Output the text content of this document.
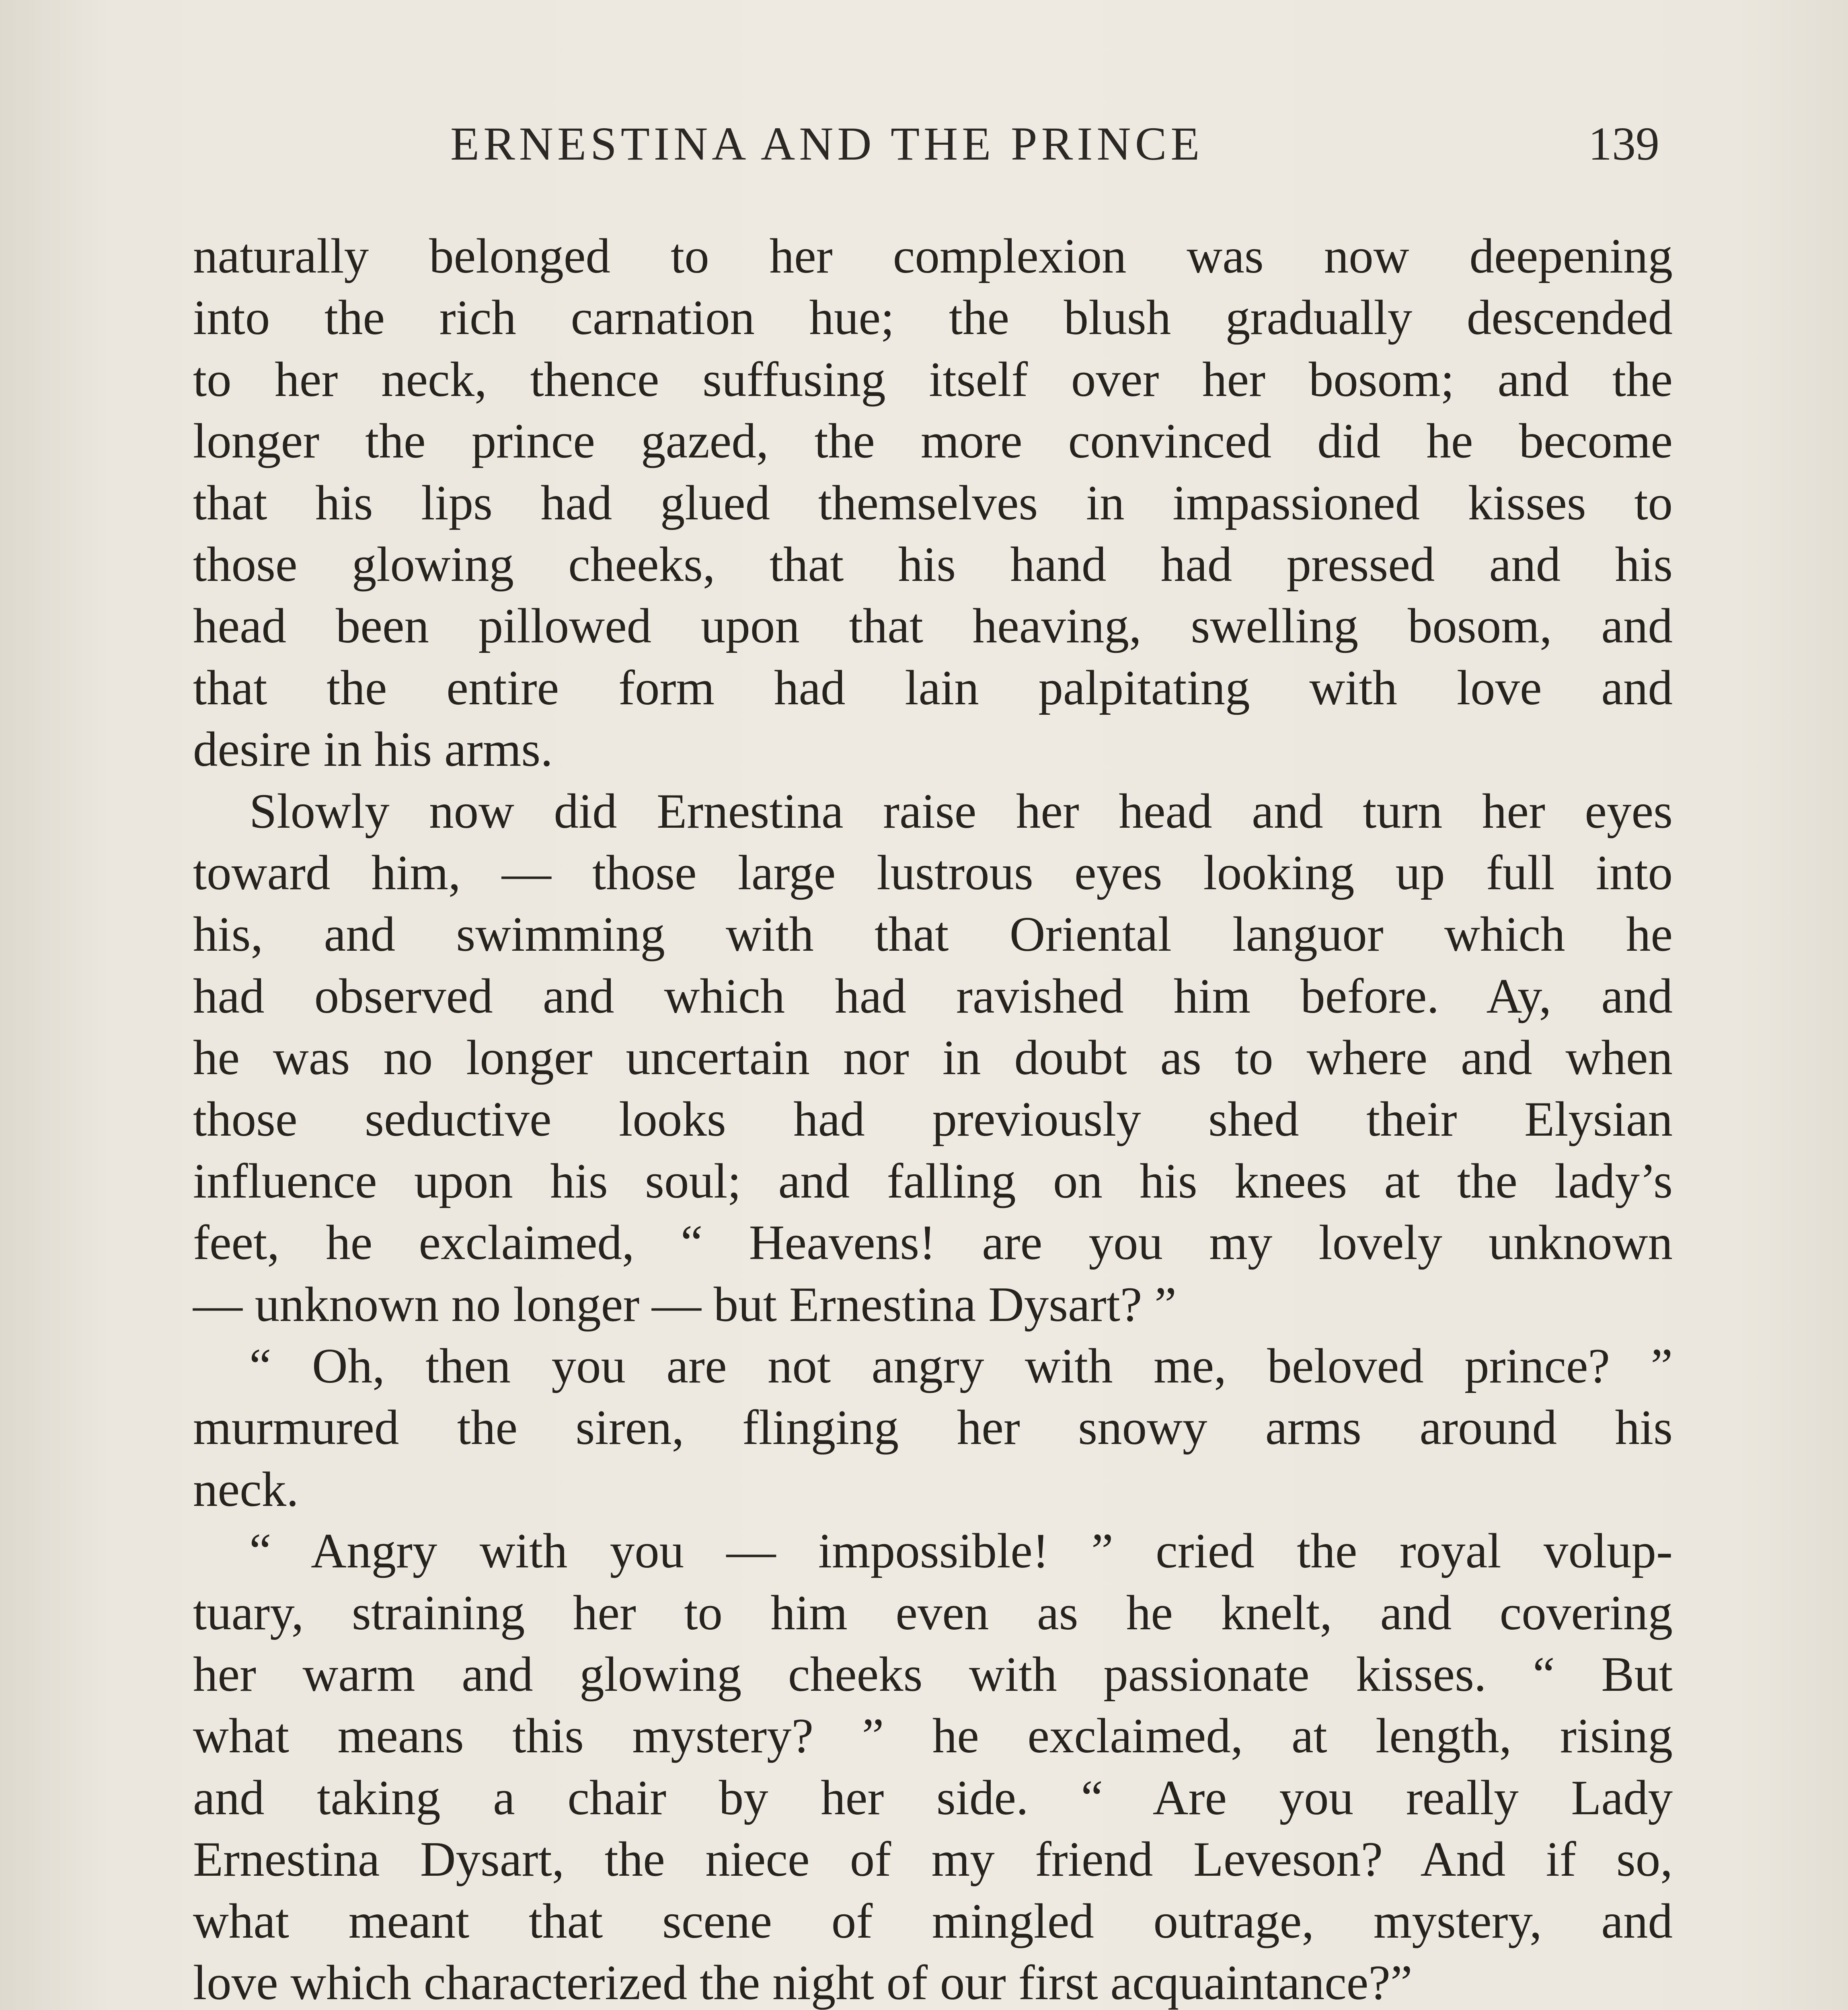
ERNESTINA AND THE PRINCE	139
naturally belonged to her complexion was now deepening
into the rich carnation hue; the blush gradually descended
to her neck, thence suffusing itself over her bosom; and the
longer the prince gazed, the more convinced did he become
that his lips had glued themselves in impassioned kisses to
those glowing cheeks, that his hand had pressed and his
head been pillowed upon that heaving, swelling bosom, and
that the entire form had lain palpitating with love and
desire in his arms.
Slowly now did Ernestina raise her head and turn her eyes
toward him, — those large lustrous eyes looking up full into
his, and swimming with that Oriental languor which he
had observed and which had ravished him before. Ay, and
he was no longer uncertain nor in doubt as to where and when
those seductive looks had previously shed their Elysian
influence upon his soul; and falling on his knees at the lady’s
feet, he exclaimed, “ Heavens! are you my lovely unknown
— unknown no longer — but Ernestina Dysart? ”
“ Oh, then you are not angry with me, beloved prince? ”
murmured the siren, flinging her snowy arms around his
neck.
“ Angry with you — impossible! ” cried the royal volup-
tuary, straining her to him even as he knelt, and covering
her warm and glowing cheeks with passionate kisses. “ But
what means this mystery? ” he exclaimed, at length, rising
and taking a chair by her side. “ Are you really Lady
Ernestina Dysart, the niece of my friend Leveson? And if so,
what meant that scene of mingled outrage, mystery, and
love which characterized the night of our first acquaintance?”
